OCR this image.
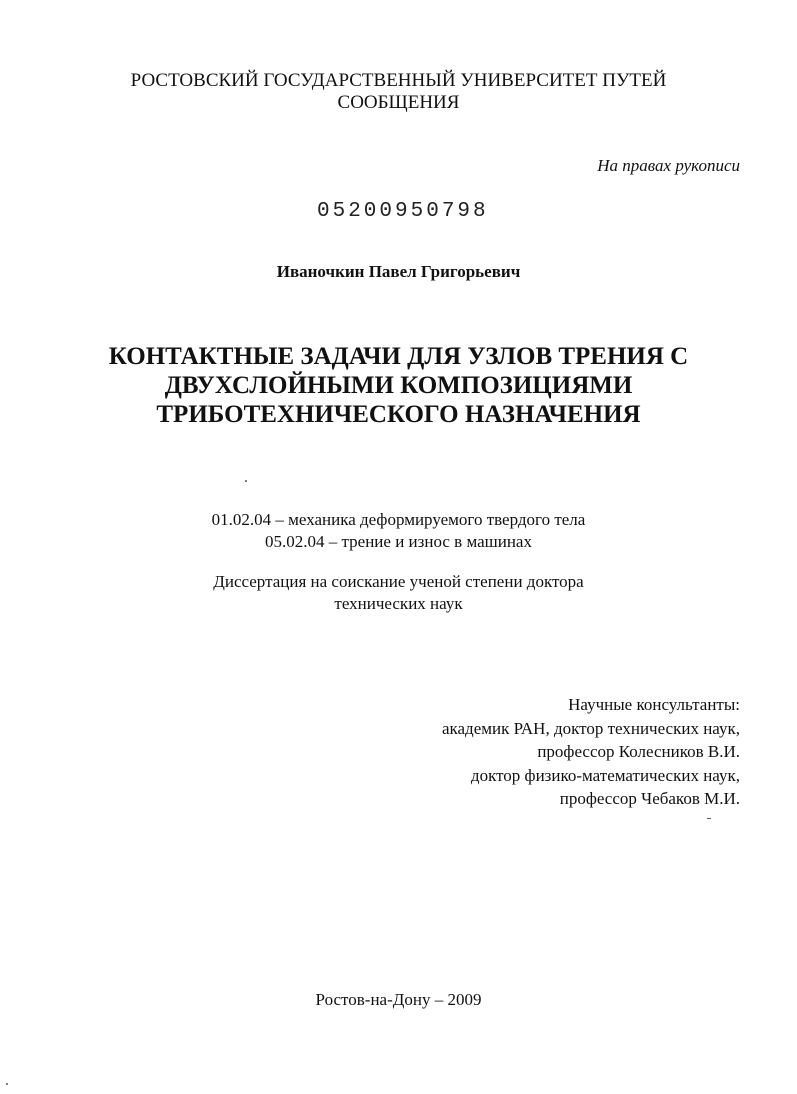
РОСТОВСКИЙ ГОСУДАРСТВЕННЫЙ УНИВЕРСИТЕТ ПУТЕЙ
СООБЩЕНИЯ
На правах рукописи
05200950798
Иваночкин Павел Григорьевич
КОНТАКТНЫЕ ЗАДАЧИ ДЛЯ УЗЛОВ ТРЕНИЯ С
ДВУХСЛОЙНЫМИ КОМПОЗИЦИЯМИ
ТРИБОТЕХНИЧЕСКОГО НАЗНАЧЕНИЯ
01.02.04 – механика деформируемого твердого тела
05.02.04 – трение и износ в машинах
Диссертация на соискание ученой степени доктора
технических наук
Научные консультанты:
академик РАН, доктор технических наук,
профессор Колесников В.И.
доктор физико-математических наук,
профессор Чебаков М.И.
Ростов-на-Дону – 2009
